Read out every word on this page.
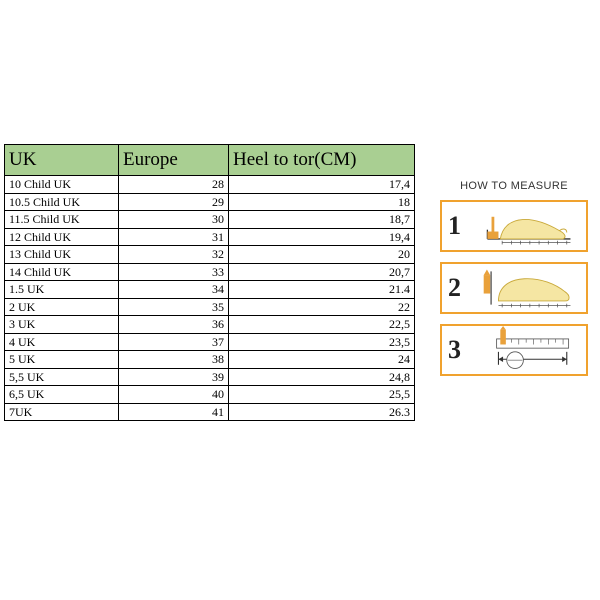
UK	Europe	Heel to tor(CM)
10 Child UK	28	17,4
10.5 Child UK	29	18
11.5 Child UK	30	18,7
12 Child UK	31	19,4
13 Child UK	32	20
14 Child UK	33	20,7
1.5 UK	34	21.4
2 UK	35	22
3 UK	36	22,5
4 UK	37	23,5
5 UK	38	24
5,5 UK	39	24,8
6,5 UK	40	25,5
7UK	41	26.3
HOW TO MEASURE
1
2
3
